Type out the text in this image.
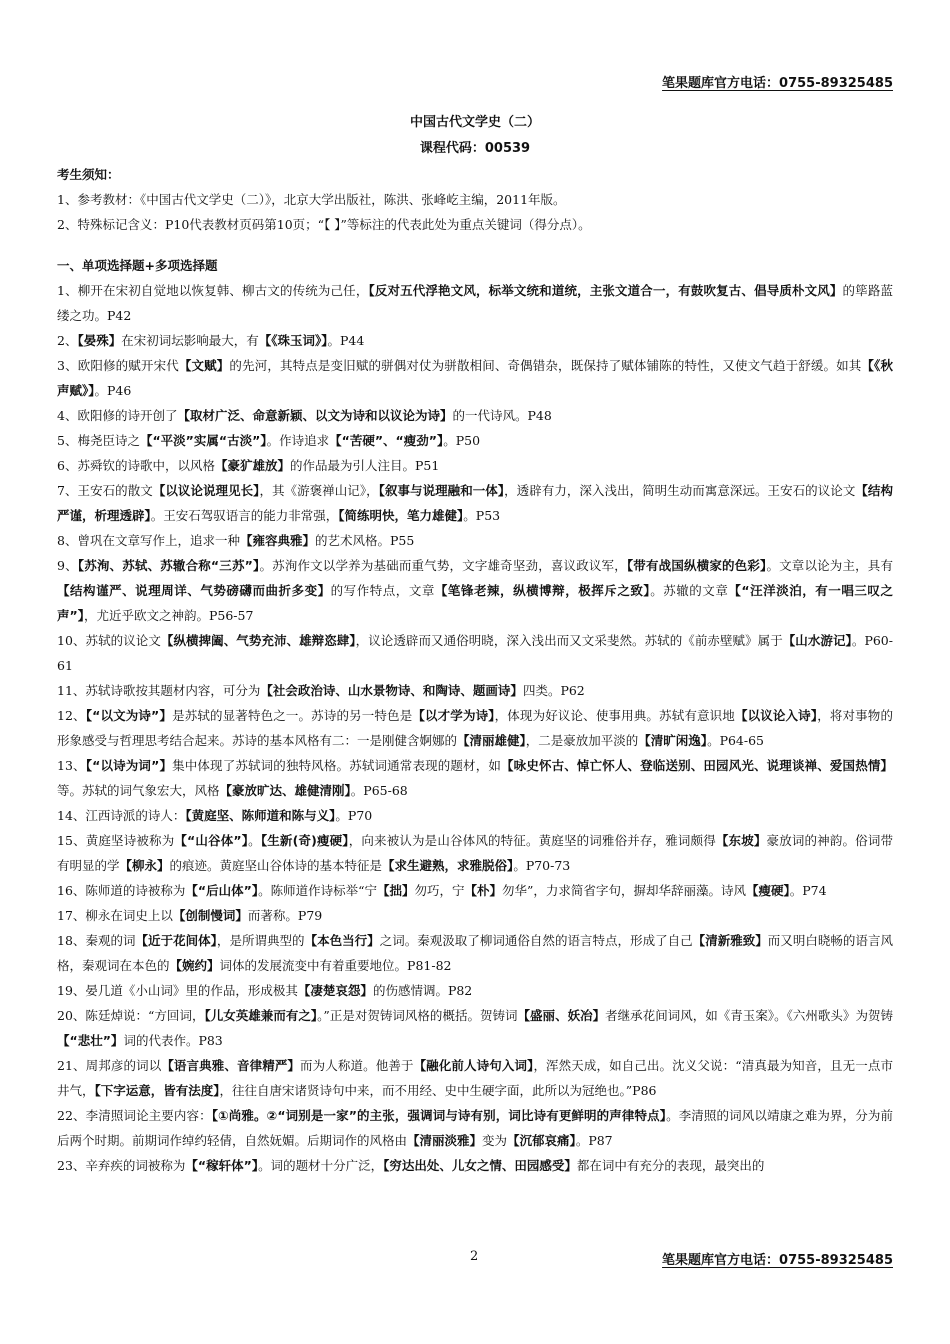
笔果题库官方电话：0755-89325485
中国古代文学史（二）
课程代码：00539
考生须知：
1、参考教材：《中国古代文学史（二）》，北京大学出版社，陈洪、张峰屹主编，2011年版。
2、特殊标记含义：P10代表教材页码第10页；“【 】”等标注的代表此处为重点关键词（得分点）。
一、单项选择题+多项选择题
1、柳开在宋初自觉地以恢复韩、柳古文的传统为己任，【反对五代浮艳文风，标举文统和道统，主张文道合一，有鼓吹复古、倡导质朴文风】的筚路蓝缕之功。P42
2、【晏殊】在宋初词坛影响最大，有【《珠玉词》】。P44
3、欧阳修的赋开宋代【文赋】的先河，其特点是变旧赋的骈偶对仗为骈散相间、奇偶错杂，既保持了赋体铺陈的特性，又使文气趋于舒缓。如其【《秋声赋》】。P46
4、欧阳修的诗开创了【取材广泛、命意新颖、以文为诗和以议论为诗】的一代诗风。P48
5、梅尧臣诗之【“平淡”实属“古淡”】。作诗追求【“苦硬”、“瘦劲”】。P50
6、苏舜钦的诗歌中，以风格【豪犷雄放】的作品最为引人注目。P51
7、王安石的散文【以议论说理见长】，其《游褒禅山记》，【叙事与说理融和一体】，透辟有力，深入浅出，简明生动而寓意深远。王安石的议论文【结构严谨，析理透辟】。王安石驾驭语言的能力非常强，【简练明快，笔力雄健】。P53
8、曾巩在文章写作上，追求一种【雍容典雅】的艺术风格。P55
9、【苏洵、苏轼、苏辙合称“三苏”】。苏洵作文以学养为基础而重气势，文字雄奇坚劲，喜议政议军，【带有战国纵横家的色彩】。文章以论为主，具有【结构谨严、说理周详、气势磅礴而曲折多变】的写作特点，文章【笔锋老辣，纵横博辩，极挥斥之致】。苏辙的文章【“汪洋淡泊，有一唱三叹之声”】，尤近乎欧文之神韵。P56-57
10、苏轼的议论文【纵横捭阖、气势充沛、雄辩恣肆】，议论透辟而又通俗明晓，深入浅出而又文采斐然。苏轼的《前赤壁赋》属于【山水游记】。P60-61
11、苏轼诗歌按其题材内容，可分为【社会政治诗、山水景物诗、和陶诗、题画诗】四类。P62
12、【“以文为诗”】是苏轼的显著特色之一。苏诗的另一特色是【以才学为诗】，体现为好议论、使事用典。苏轼有意识地【以议论入诗】，将对事物的形象感受与哲理思考结合起来。苏诗的基本风格有二：一是刚健含婀娜的【清丽雄健】，二是豪放加平淡的【清旷闲逸】。P64-65
13、【“以诗为词”】集中体现了苏轼词的独特风格。苏轼词通常表现的题材，如【咏史怀古、悼亡怀人、登临送别、田园风光、说理谈禅、爱国热情】等。苏轼的词气象宏大，风格【豪放旷达、雄健清刚】。P65-68
14、江西诗派的诗人：【黄庭坚、陈师道和陈与义】。P70
15、黄庭坚诗被称为【“山谷体”】。【生新(奇)瘦硬】，向来被认为是山谷体风的特征。黄庭坚的词雅俗并存，雅词颇得【东坡】豪放词的神韵。俗词带有明显的学【柳永】的痕迹。黄庭坚山谷体诗的基本特征是【求生避熟，求雅脱俗】。P70-73
16、陈师道的诗被称为【“后山体”】。陈师道作诗标举“宁【拙】勿巧，宁【朴】勿华”，力求简省字句，摒却华辞丽藻。诗风【瘦硬】。P74
17、柳永在词史上以【创制慢词】而著称。P79
18、秦观的词【近于花间体】，是所谓典型的【本色当行】之词。秦观汲取了柳词通俗自然的语言特点，形成了自己【清新雅致】而又明白晓畅的语言风格，秦观词在本色的【婉约】词体的发展流变中有着重要地位。P81-82
19、晏几道《小山词》里的作品，形成极其【凄楚哀怨】的伤感情调。P82
20、陈廷焯说：“方回词，【儿女英雄兼而有之】。”正是对贺铸词风格的概括。贺铸词【盛丽、妖冶】者继承花间词风，如《青玉案》。《六州歌头》为贺铸【“悲壮”】词的代表作。P83
21、周邦彦的词以【语言典雅、音律精严】而为人称道。他善于【融化前人诗句入词】，浑然天成，如自己出。沈义父说：“清真最为知音，且无一点市井气，【下字运意，皆有法度】，往往自唐宋诸贤诗句中来，而不用经、史中生硬字面，此所以为冠绝也。”P86
22、李清照词论主要内容：【①尚雅。②“词别是一家”的主张，强调词与诗有别，词比诗有更鲜明的声律特点】。李清照的词风以靖康之难为界，分为前后两个时期。前期词作绰约轻倩，自然妩媚。后期词作的风格由【清丽淡雅】变为【沉郁哀痛】。P87
23、辛弃疾的词被称为【“稼轩体”】。词的题材十分广泛，【穷达出处、儿女之情、田园感受】都在词中有充分的表现，最突出的
2	笔果题库官方电话：0755-89325485
